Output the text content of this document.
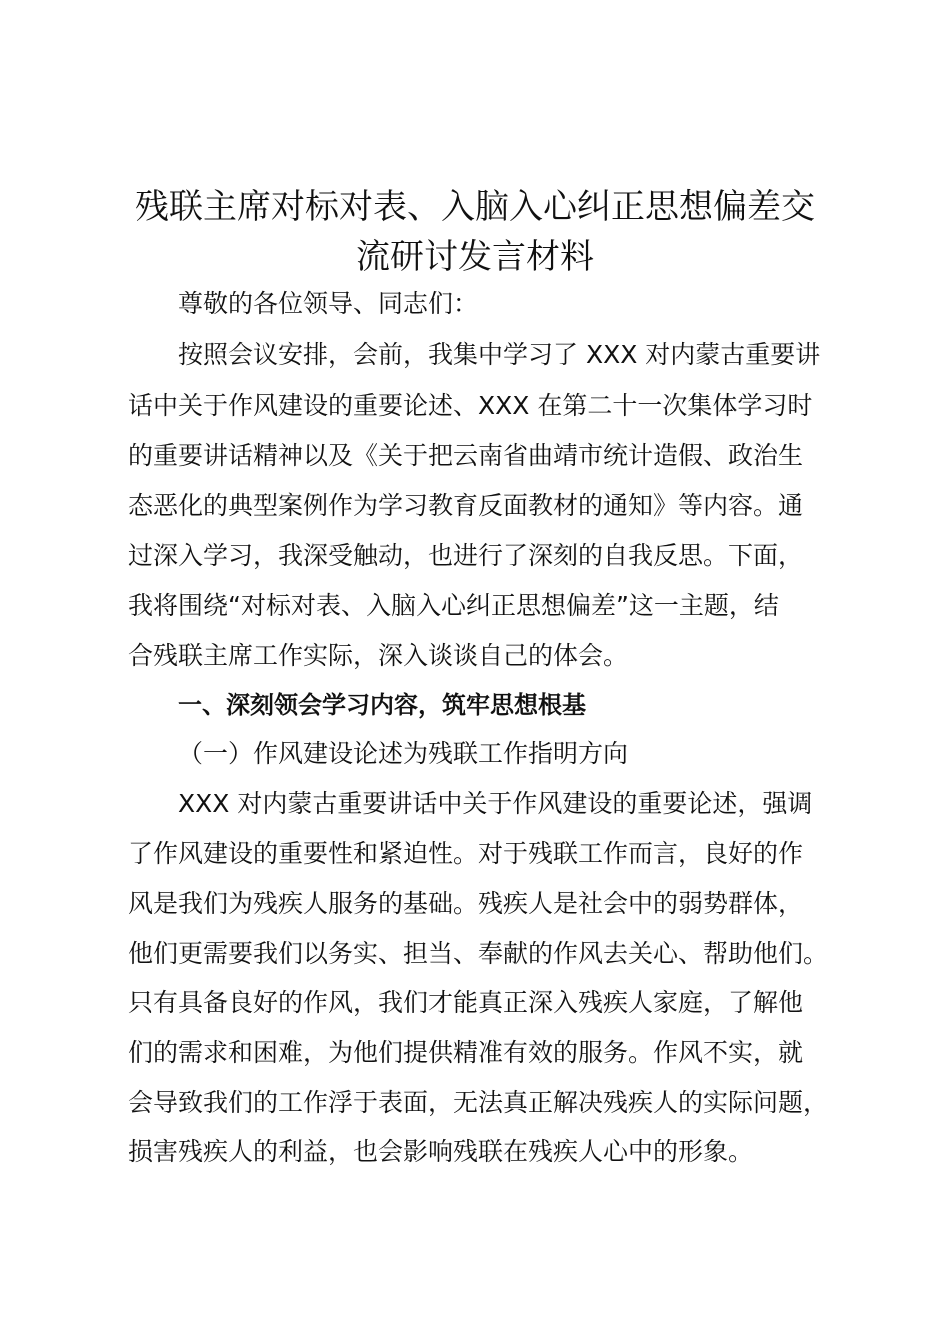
残联主席对标对表、入脑入心纠正思想偏差交
流研讨发言材料
尊敬的各位领导、同志们：
按照会议安排，会前，我集中学习了 XXX 对内蒙古重要讲
话中关于作风建设的重要论述、XXX 在第二十一次集体学习时
的重要讲话精神以及《关于把云南省曲靖市统计造假、政治生
态恶化的典型案例作为学习教育反面教材的通知》等内容。通
过深入学习，我深受触动，也进行了深刻的自我反思。下面，
我将围绕“对标对表、入脑入心纠正思想偏差”这一主题，结
合残联主席工作实际，深入谈谈自己的体会。
一、深刻领会学习内容，筑牢思想根基
（一）作风建设论述为残联工作指明方向
XXX 对内蒙古重要讲话中关于作风建设的重要论述，强调
了作风建设的重要性和紧迫性。对于残联工作而言，良好的作
风是我们为残疾人服务的基础。残疾人是社会中的弱势群体，
他们更需要我们以务实、担当、奉献的作风去关心、帮助他们。
只有具备良好的作风，我们才能真正深入残疾人家庭，了解他
们的需求和困难，为他们提供精准有效的服务。作风不实，就
会导致我们的工作浮于表面，无法真正解决残疾人的实际问题，
损害残疾人的利益，也会影响残联在残疾人心中的形象。
